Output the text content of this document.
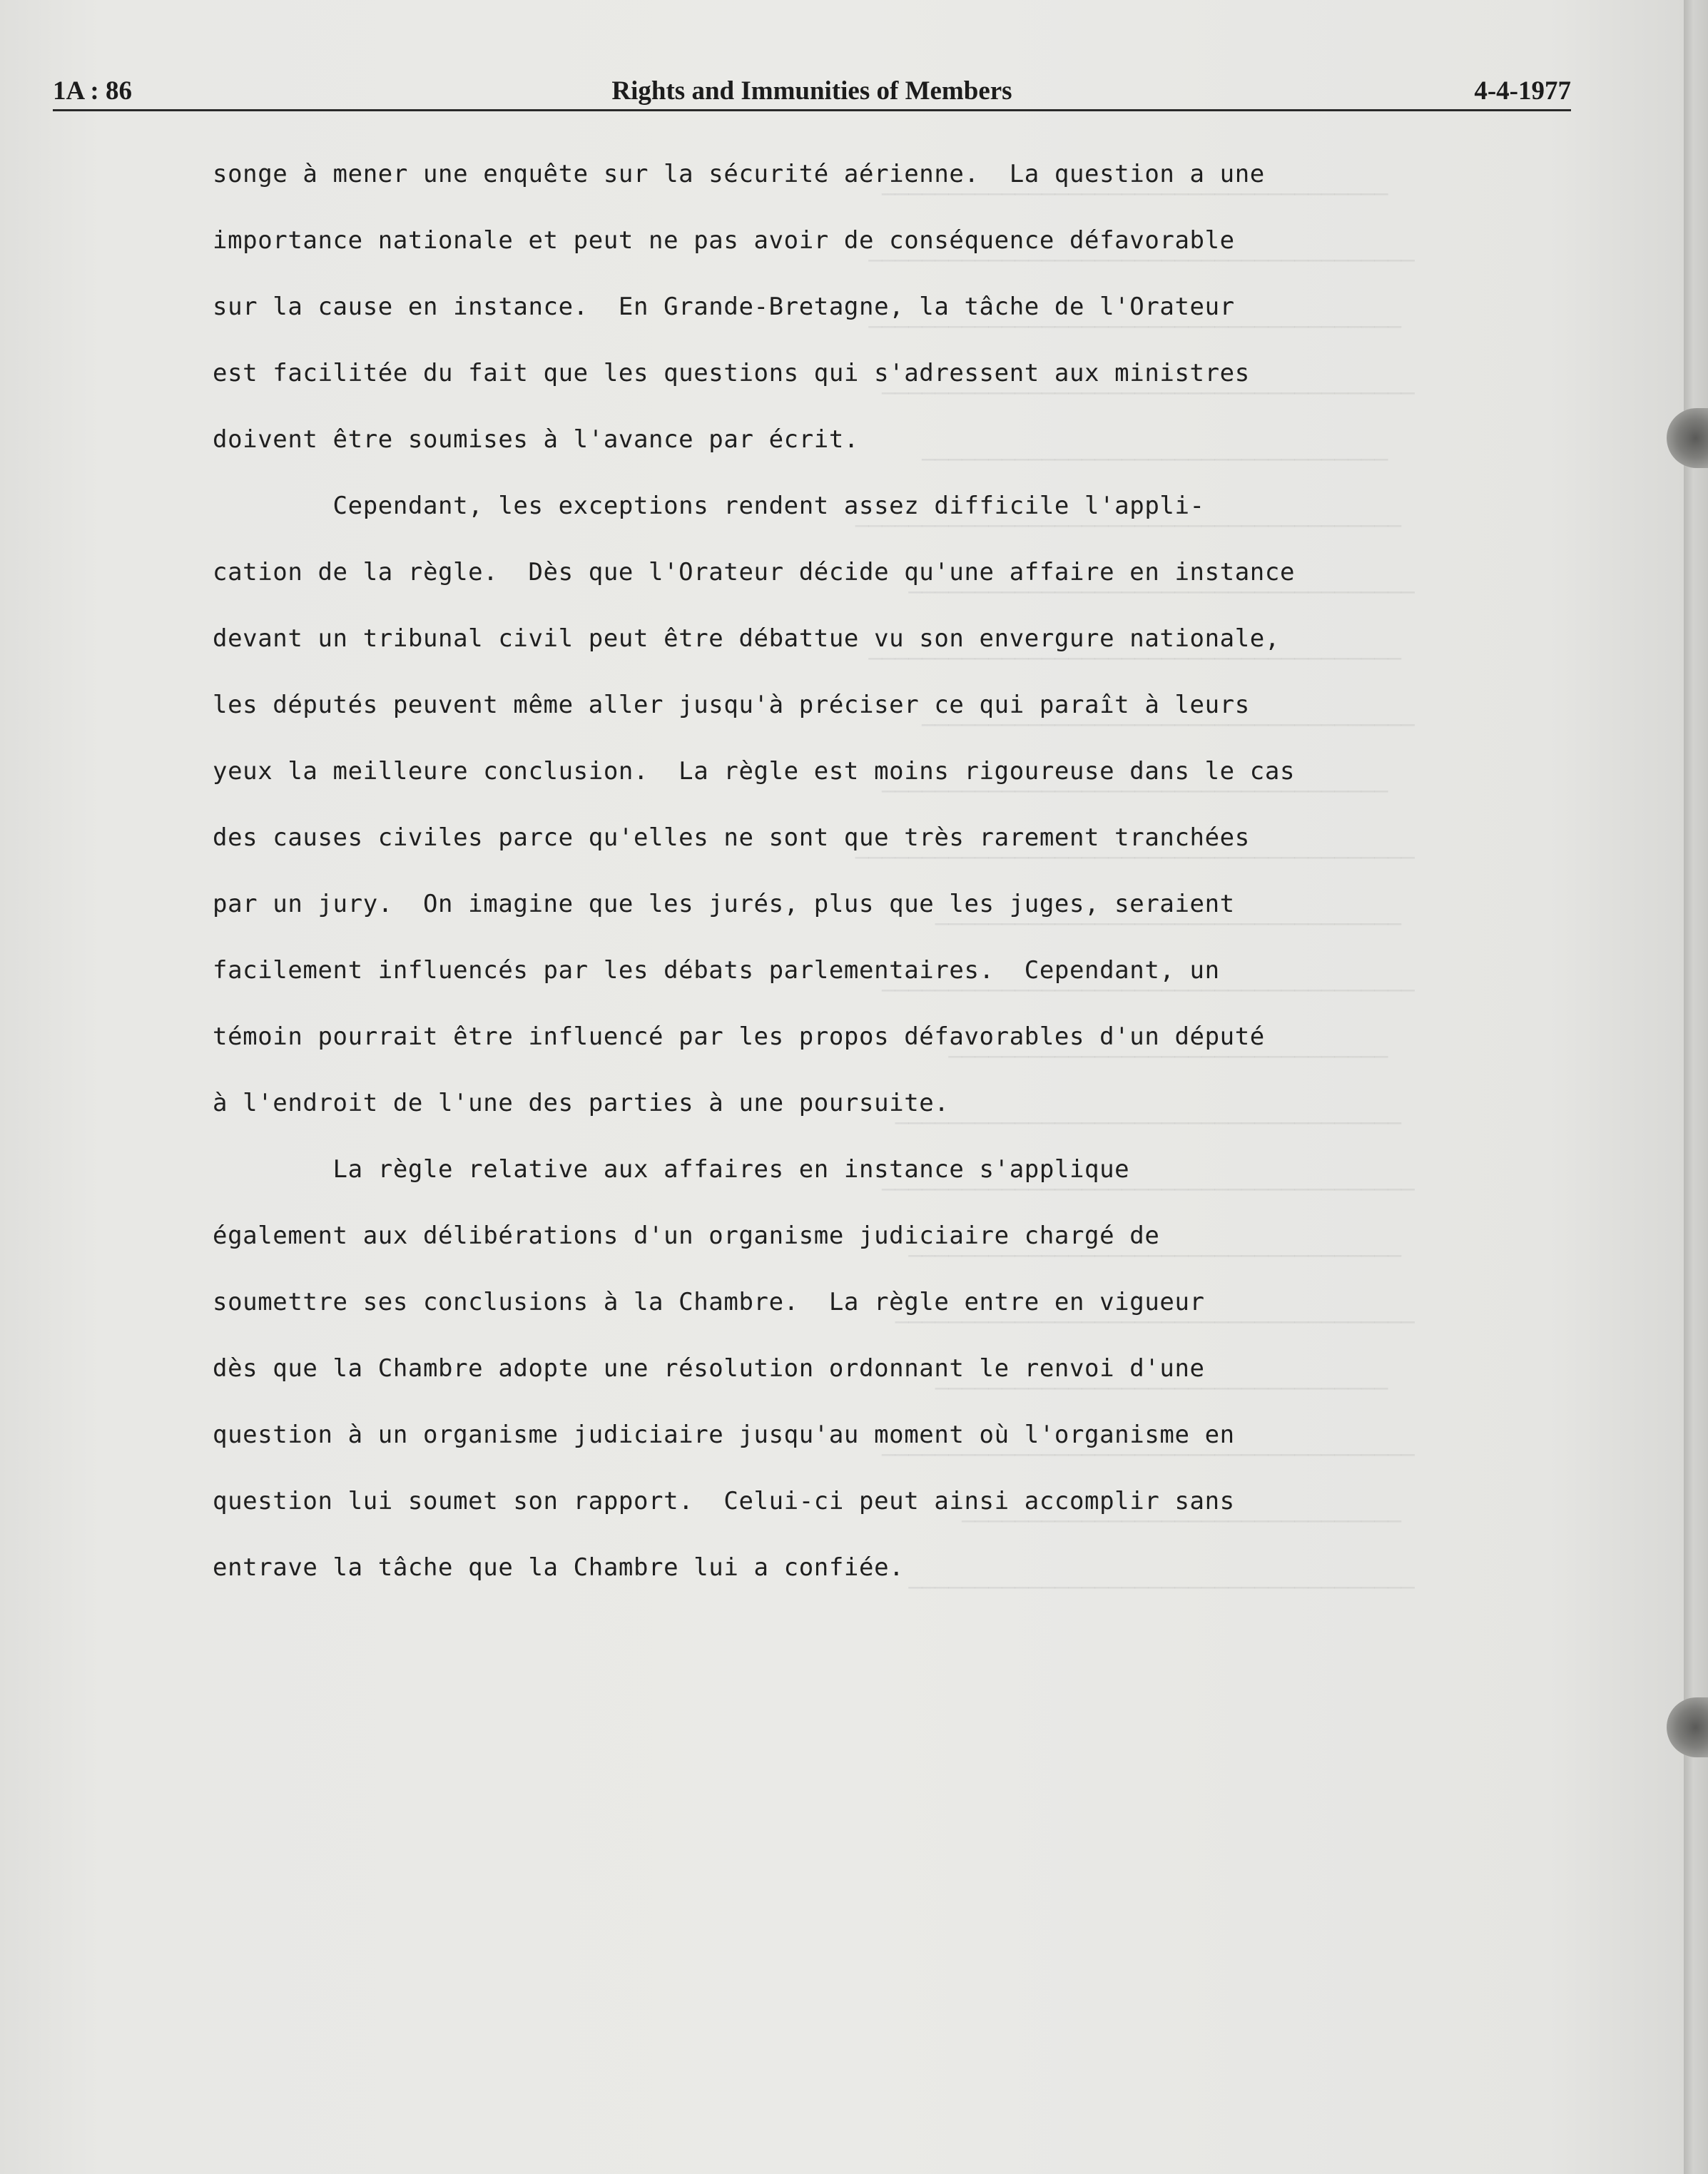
1A : 86	Rights and Immunities of Members	4-4-1977
songe à mener une enquête sur la sécurité aérienne.  La question a une
importance nationale et peut ne pas avoir de conséquence défavorable
sur la cause en instance.  En Grande-Bretagne, la tâche de l'Orateur
est facilitée du fait que les questions qui s'adressent aux ministres
doivent être soumises à l'avance par écrit.
Cependant, les exceptions rendent assez difficile l'appli-
cation de la règle.  Dès que l'Orateur décide qu'une affaire en instance
devant un tribunal civil peut être débattue vu son envergure nationale,
les députés peuvent même aller jusqu'à préciser ce qui paraît à leurs
yeux la meilleure conclusion.  La règle est moins rigoureuse dans le cas
des causes civiles parce qu'elles ne sont que très rarement tranchées
par un jury.  On imagine que les jurés, plus que les juges, seraient
facilement influencés par les débats parlementaires.  Cependant, un
témoin pourrait être influencé par les propos défavorables d'un député
à l'endroit de l'une des parties à une poursuite.
La règle relative aux affaires en instance s'applique
également aux délibérations d'un organisme judiciaire chargé de
soumettre ses conclusions à la Chambre.  La règle entre en vigueur
dès que la Chambre adopte une résolution ordonnant le renvoi d'une
question à un organisme judiciaire jusqu'au moment où l'organisme en
question lui soumet son rapport.  Celui-ci peut ainsi accomplir sans
entrave la tâche que la Chambre lui a confiée.
